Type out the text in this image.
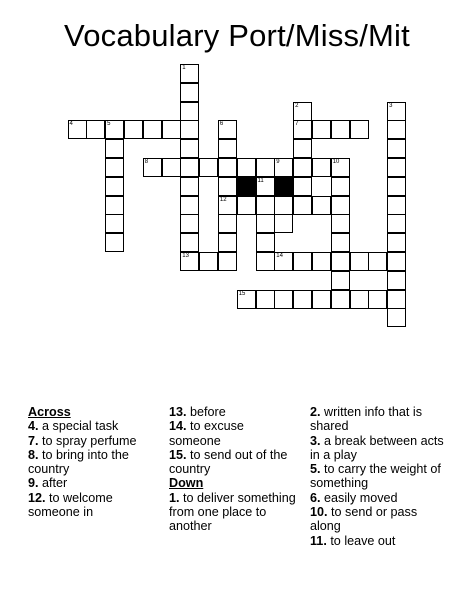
Vocabulary Port/Miss/Mit
1
2
7
3
4	5	6
12
8	9	10
11
13	14
15
Across
4. a special task
7. to spray perfume
8. to bring into the country
9. after
12. to welcome someone in
13. before
14. to excuse someone
15. to send out of the country
Down
1. to deliver something from one place to another
2. written info that is shared
3. a break between acts in a play
5. to carry the weight of something
6. easily moved
10. to send or pass along
11. to leave out
